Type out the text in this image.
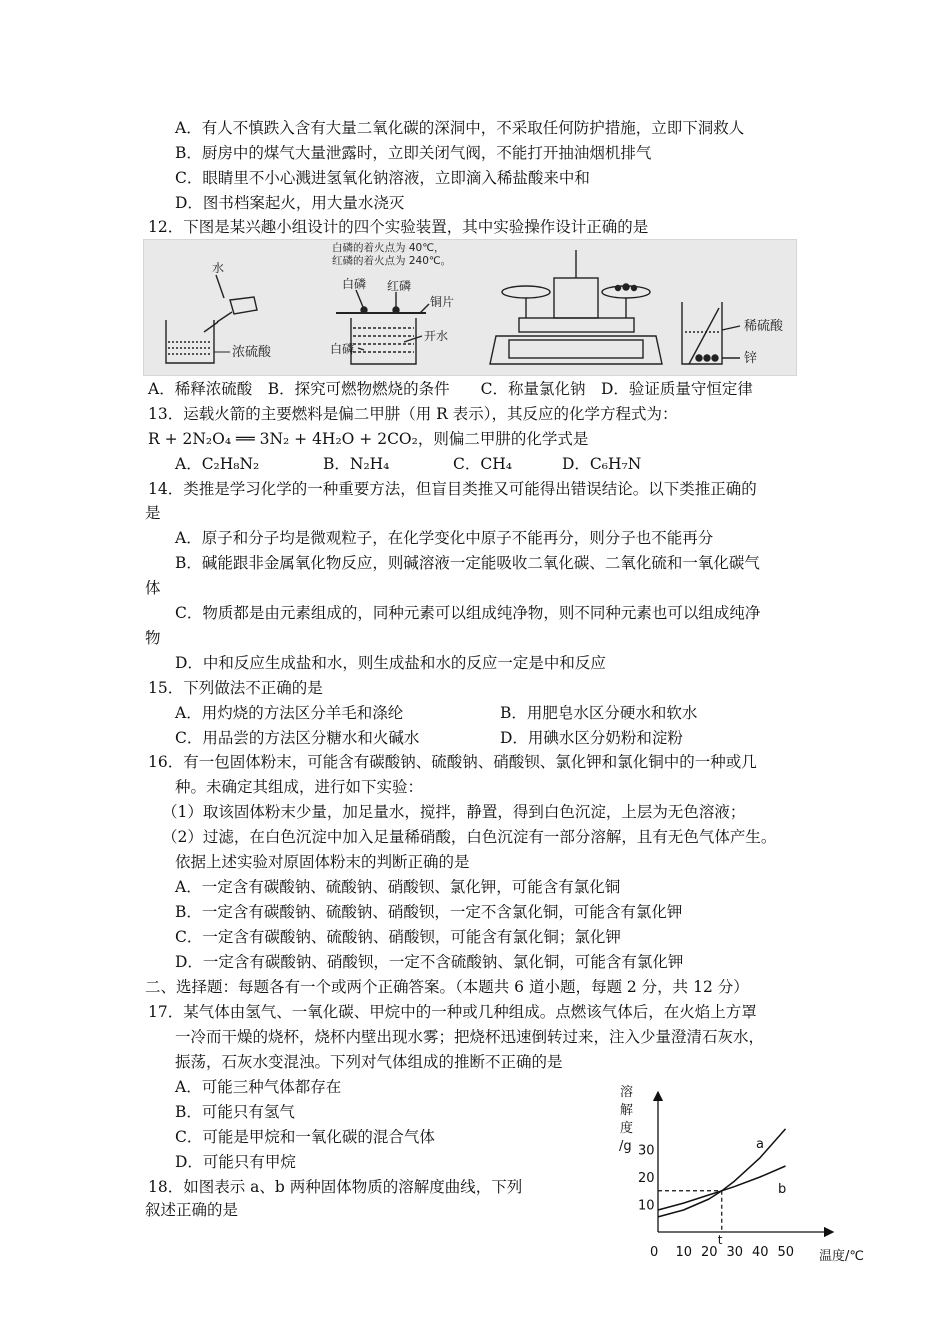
A．有人不慎跌入含有大量二氧化碳的深洞中，不采取任何防护措施，立即下洞救人
B．厨房中的煤气大量泄露时，立即关闭气阀，不能打开抽油烟机排气
C．眼睛里不小心溅进氢氧化钠溶液，立即滴入稀盐酸来中和
D．图书档案起火，用大量水浇灭
12．下图是某兴趣小组设计的四个实验装置，其中实验操作设计正确的是
水
浓硫酸
白磷的着火点为 40℃，
红磷的着火点为 240℃。
白磷 红磷
铜片
开水
白磷
稀硫酸
锌
A．稀释浓硫酸　B．探究可燃物燃烧的条件　　C．称量氯化钠　D．验证质量守恒定律
13．运载火箭的主要燃料是偏二甲肼（用 R 表示），其反应的化学方程式为：
R + 2N₂O₄ ══ 3N₂ + 4H₂O + 2CO₂，则偏二甲肼的化学式是
A．C₂H₈N₂	B．N₂H₄	C．CH₄	D．C₆H₇N
14．类推是学习化学的一种重要方法，但盲目类推又可能得出错误结论。以下类推正确的
是
A．原子和分子均是微观粒子，在化学变化中原子不能再分，则分子也不能再分
B．碱能跟非金属氧化物反应，则碱溶液一定能吸收二氧化碳、二氧化硫和一氧化碳气
体
C．物质都是由元素组成的，同种元素可以组成纯净物，则不同种元素也可以组成纯净
物
D．中和反应生成盐和水，则生成盐和水的反应一定是中和反应
15．下列做法不正确的是
A．用灼烧的方法区分羊毛和涤纶	B．用肥皂水区分硬水和软水
C．用品尝的方法区分糖水和火碱水	D．用碘水区分奶粉和淀粉
16．有一包固体粉末，可能含有碳酸钠、硫酸钠、硝酸钡、氯化钾和氯化铜中的一种或几
种。未确定其组成，进行如下实验：
（1）取该固体粉末少量，加足量水，搅拌，静置，得到白色沉淀，上层为无色溶液；
（2）过滤，在白色沉淀中加入足量稀硝酸，白色沉淀有一部分溶解，且有无色气体产生。
依据上述实验对原固体粉末的判断正确的是
A．一定含有碳酸钠、硫酸钠、硝酸钡、氯化钾，可能含有氯化铜
B．一定含有碳酸钠、硫酸钠、硝酸钡，一定不含氯化铜，可能含有氯化钾
C．一定含有碳酸钠、硫酸钠、硝酸钡，可能含有氯化铜；氯化钾
D．一定含有碳酸钠、硝酸钡，一定不含硫酸钠、氯化铜，可能含有氯化钾
二、选择题：每题各有一个或两个正确答案。（本题共 6 道小题，每题 2 分，共 12 分）
17．某气体由氢气、一氧化碳、甲烷中的一种或几种组成。点燃该气体后，在火焰上方罩
一冷而干燥的烧杯，烧杯内壁出现水雾；把烧杯迅速倒转过来，注入少量澄清石灰水，
振荡，石灰水变混浊。下列对气体组成的推断不正确的是
A．可能三种气体都存在
B．可能只有氢气
C．可能是甲烷和一氧化碳的混合气体
D．可能只有甲烷
18．如图表示 a、b 两种固体物质的溶解度曲线，下列
叙述正确的是
溶
解
度
/g
温度/℃
0 10 20 30 40 50
10
20
30
t
a
b
